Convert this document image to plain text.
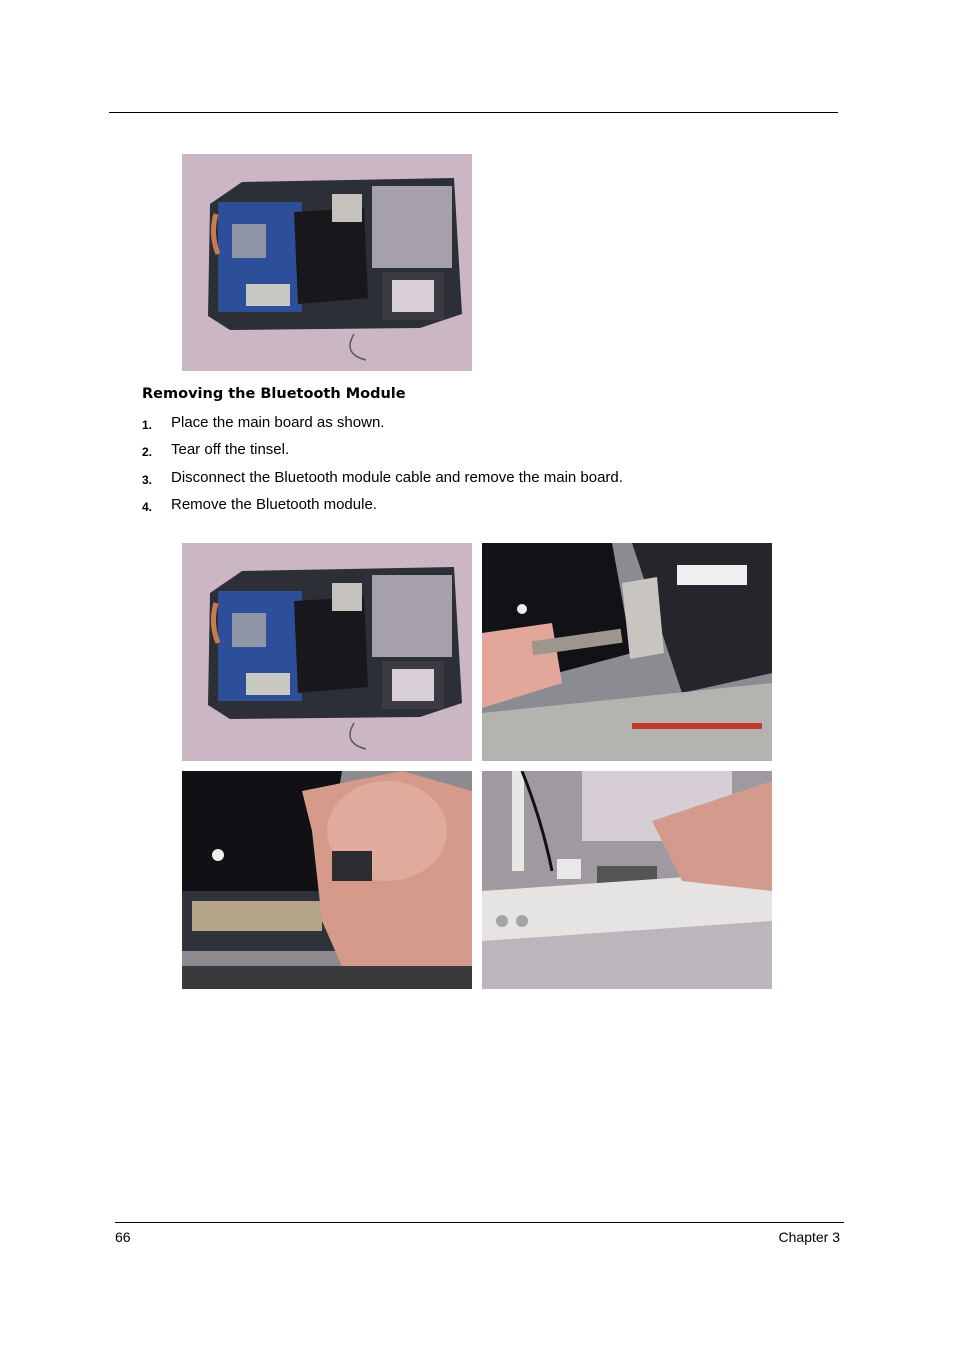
Removing the Bluetooth Module
1. Place the main board as shown.
2. Tear off the tinsel.
3. Disconnect the Bluetooth module cable and remove the main board.
4. Remove the Bluetooth module.
66	Chapter 3
